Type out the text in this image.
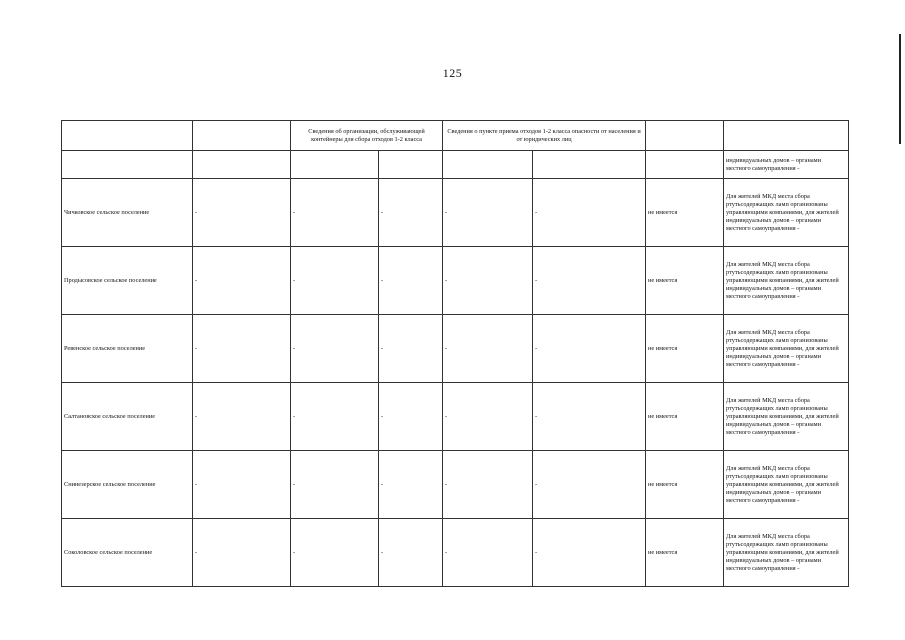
125

		Сведения об организации, обслуживающей контейнеры для сбора отходов 1-2 класса		Сведения о пункте приема отходов 1-2 класса опасности от населения и от юридических лиц			

							индивидуальных домов – органами местного самоуправления -

Чичковское сельское поселение	-	-	-	-	-	не имеется	Для жителей МКД места сбора ртутьсодержащих ламп организованы управляющими компаниями, для жителей индивидуальных домов – органами местного самоуправления -
Продысовское сельское поселение	-	-	-	-	-	не имеется	Для жителей МКД места сбора ртутьсодержащих ламп организованы управляющими компаниями, для жителей индивидуальных домов – органами местного самоуправления -
Ревенское сельское поселение	-	-	-	-	-	не имеется	Для жителей МКД места сбора ртутьсодержащих ламп организованы управляющими компаниями, для жителей индивидуальных домов – органами местного самоуправления -
Салтановское сельское поселение	-	-	-	-	-	не имеется	Для жителей МКД места сбора ртутьсодержащих ламп организованы управляющими компаниями, для жителей индивидуальных домов – органами местного самоуправления -
Снинезерское сельское поселение	-	-	-	-	-	не имеется	Для жителей МКД места сбора ртутьсодержащих ламп организованы управляющими компаниями, для жителей индивидуальных домов – органами местного самоуправления -
Соколовское сельское поселение	-	-	-	-	-	не имеется	Для жителей МКД места сбора ртутьсодержащих ламп организованы управляющими компаниями, для жителей индивидуальных домов – органами местного самоуправления -
